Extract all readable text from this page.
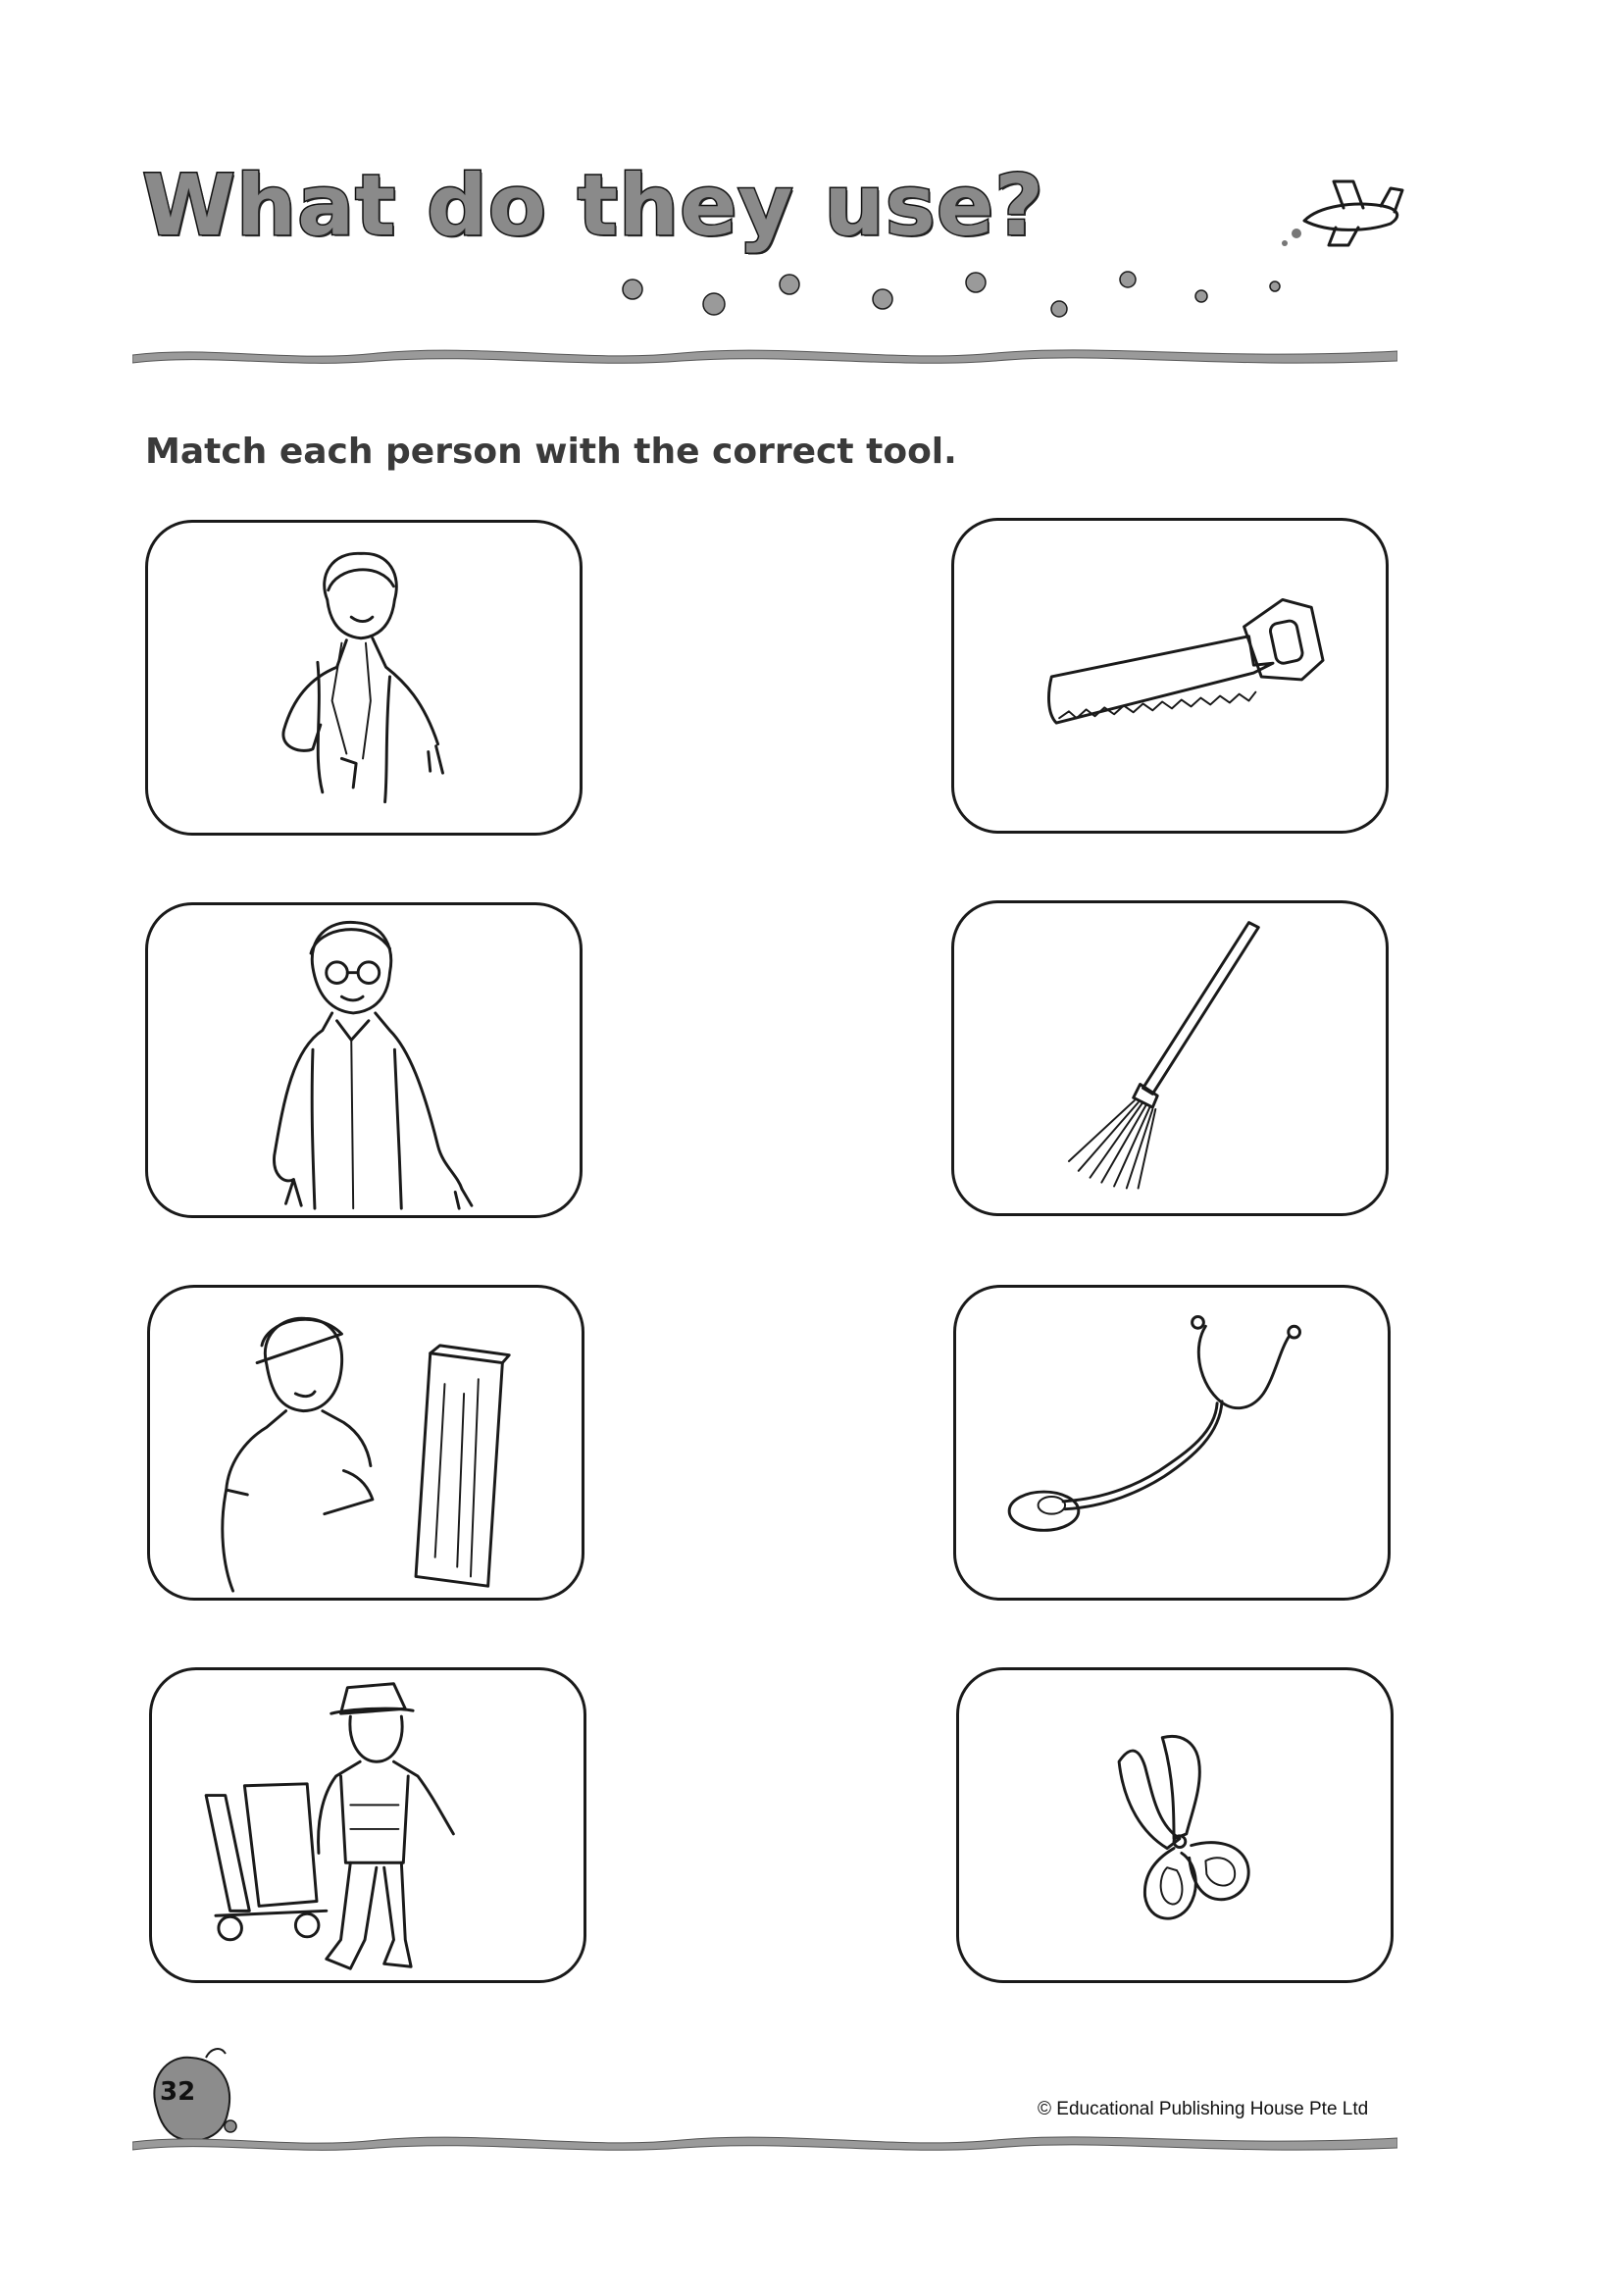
What do they use?

Match each person with the correct tool.

32
© Educational Publishing House Pte Ltd
